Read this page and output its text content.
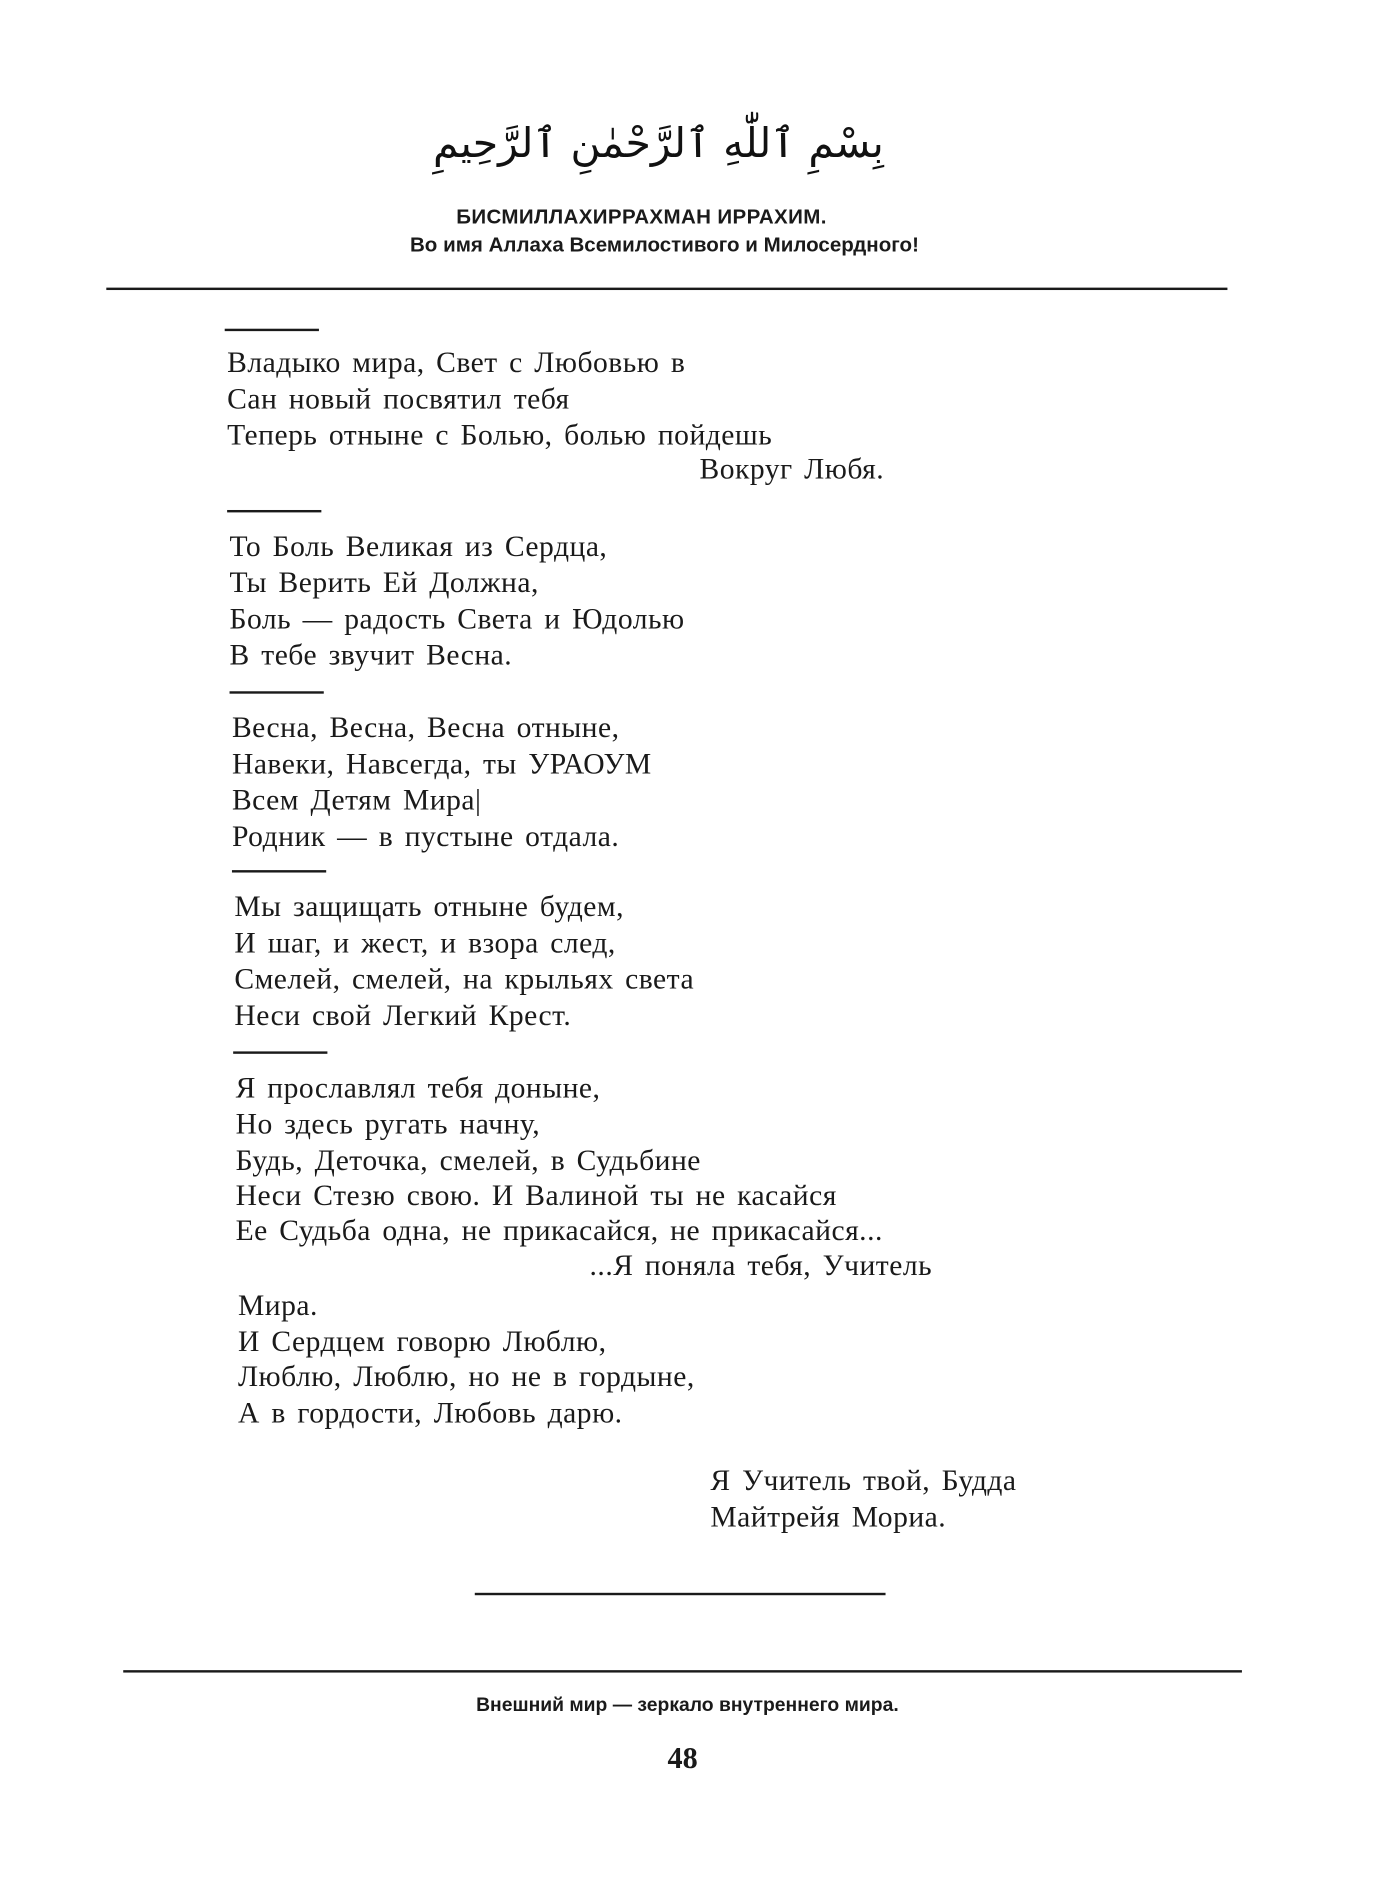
بِسْمِ ٱللّٰهِ ٱلرَّحْمٰنِ ٱلرَّحِيمِ
БИСМИЛЛАХИРРАХМАН ИРРАХИМ.
Во имя Аллаха Всемилостивого и Милосердного!
Владыко мира, Свет с Любовью в
Сан новый посвятил тебя
Теперь отныне с Болью, болью пойдешь
Вокруг Любя.
То Боль Великая из Сердца,
Ты Верить Ей Должна,
Боль — радость Света и Юдолью
В тебе звучит Весна.
Весна, Весна, Весна отныне,
Навеки, Навсегда, ты УРАОУМ
Всем Детям Мира|
Родник — в пустыне отдала.
Мы защищать отныне будем,
И шаг, и жест, и взора след,
Смелей, смелей, на крыльях света
Неси свой Легкий Крест.
Я прославлял тебя доныне,
Но здесь ругать начну,
Будь, Деточка, смелей, в Судьбине
Неси Стезю свою. И Валиной ты не касайся
Ее Судьба одна, не прикасайся, не прикасайся...
...Я поняла тебя, Учитель
Мира.
И Сердцем говорю Люблю,
Люблю, Люблю, но не в гордыне,
А в гордости, Любовь дарю.
Я Учитель твой, Будда
Майтрейя Мориа.
Внешний мир — зеркало внутреннего мира.
48
